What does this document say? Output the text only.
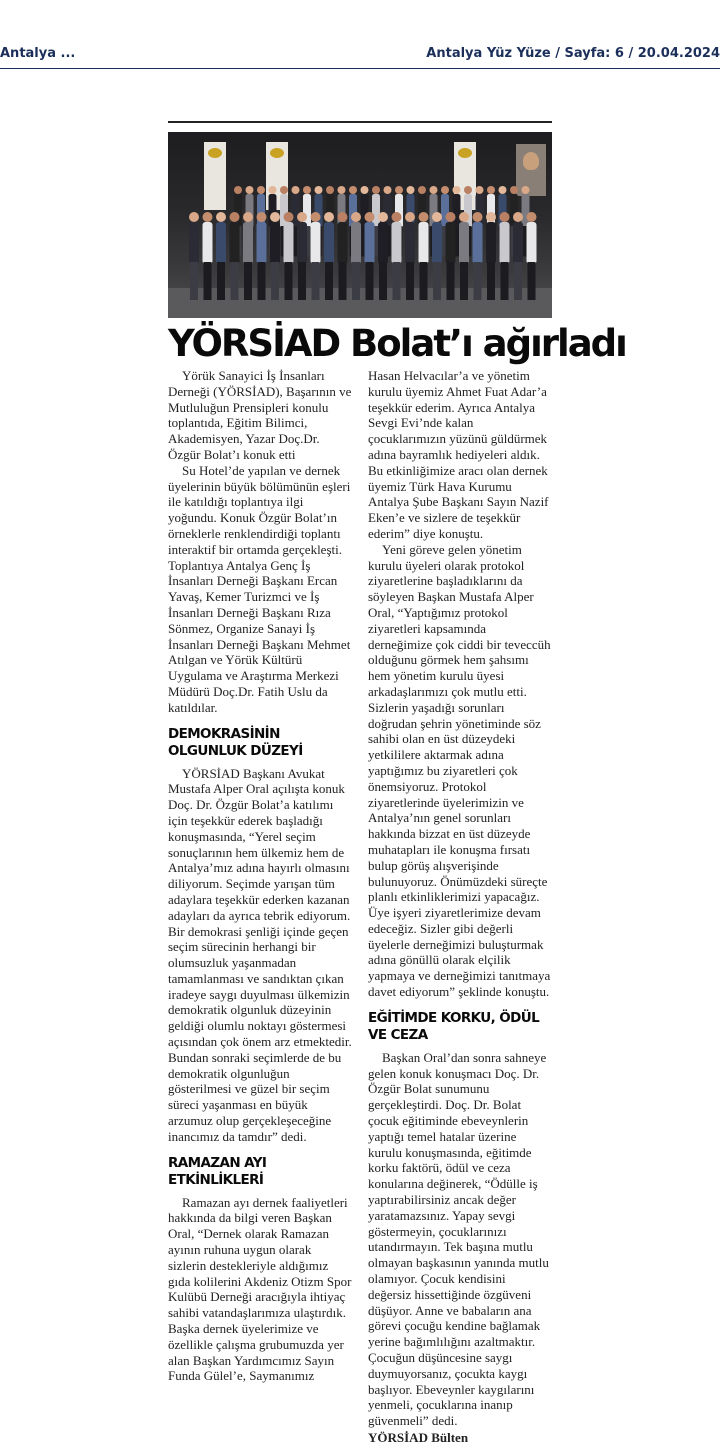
Antalya ...	Antalya Yüz Yüze / Sayfa: 6 / 20.04.2024
YÖRSİAD Bolat’ı ağırladı

Yörük Sanayici İş İnsanları Derneği (YÖRSİAD), Başarının ve Mutluluğun Prensipleri konulu toplantıda, Eğitim Bilimci, Akademisyen, Yazar Doç.Dr. Özgür Bolat’ı konuk etti

Su Hotel’de yapılan ve dernek üyelerinin büyük bölümünün eşleri ile katıldığı toplantıya ilgi yoğundu. Konuk Özgür Bolat’ın örneklerle renklendirdiği toplantı interaktif bir ortamda gerçekleşti. Toplantıya Antalya Genç İş İnsanları Derneği Başkanı Ercan Yavaş, Kemer Turizmci ve İş İnsanları Derneği Başkanı Rıza Sönmez, Organize Sanayi İş İnsanları Derneği Başkanı Mehmet Atılgan ve Yörük Kültürü Uygulama ve Araştırma Merkezi Müdürü Doç.Dr. Fatih Uslu da katıldılar.

DEMOKRASİNİN OLGUNLUK DÜZEYİ

YÖRSİAD Başkanı Avukat Mustafa Alper Oral açılışta konuk Doç. Dr. Özgür Bolat’a katılımı için teşekkür ederek başladığı konuşmasında, “Yerel seçim sonuçlarının hem ülkemiz hem de Antalya’mız adına hayırlı olmasını diliyorum. Seçimde yarışan tüm adaylara teşekkür ederken kazanan adayları da ayrıca tebrik ediyorum. Bir demokrasi şenliği içinde geçen seçim sürecinin herhangi bir olumsuzluk yaşanmadan tamamlanması ve sandıktan çıkan iradeye saygı duyulması ülkemizin demokratik olgunluk düzeyinin geldiği olumlu noktayı göstermesi açısından çok önem arz etmektedir. Bundan sonraki seçimlerde de bu demokratik olgunluğun gösterilmesi ve güzel bir seçim süreci yaşanması en büyük arzumuz olup gerçekleşeceğine inancımız da tamdır” dedi.

RAMAZAN AYI ETKİNLİKLERİ

Ramazan ayı dernek faaliyetleri hakkında da bilgi veren Başkan Oral, “Dernek olarak Ramazan ayının ruhuna uygun olarak sizlerin destekleriyle aldığımız gıda kolilerini Akdeniz Otizm Spor Kulübü Derneği aracığıyla ihtiyaç sahibi vatandaşlarımıza ulaştırdık. Başka dernek üyelerimize ve özellikle çalışma grubumuzda yer alan Başkan Yardımcımız Sayın Funda Gülel’e, Saymanımız

Hasan Helvacılar’a ve yönetim kurulu üyemiz Ahmet Fuat Adar’a teşekkür ederim. Ayrıca Antalya Sevgi Evi’nde kalan çocuklarımızın yüzünü güldürmek adına bayramlık hediyeleri aldık. Bu etkinliğimize aracı olan dernek üyemiz Türk Hava Kurumu Antalya Şube Başkanı Sayın Nazif Eken’e ve sizlere de teşekkür ederim” diye konuştu.

Yeni göreve gelen yönetim kurulu üyeleri olarak protokol ziyaretlerine başladıklarını da söyleyen Başkan Mustafa Alper Oral, “Yaptığımız protokol ziyaretleri kapsamında derneğimize çok ciddi bir teveccüh olduğunu görmek hem şahsımı hem yönetim kurulu üyesi arkadaşlarımızı çok mutlu etti. Sizlerin yaşadığı sorunları doğrudan şehrin yönetiminde söz sahibi olan en üst düzeydeki yetkililere aktarmak adına yaptığımız bu ziyaretleri çok önemsiyoruz. Protokol ziyaretlerinde üyelerimizin ve Antalya’nın genel sorunları hakkında bizzat en üst düzeyde muhatapları ile konuşma fırsatı bulup görüş alışverişinde bulunuyoruz. Önümüzdeki süreçte planlı etkinliklerimizi yapacağız. Üye işyeri ziyaretlerimize devam edeceğiz. Sizler gibi değerli üyelerle derneğimizi buluşturmak adına gönüllü olarak elçilik yapmaya ve derneğimizi tanıtmaya davet ediyorum” şeklinde konuştu.

EĞİTİMDE KORKU, ÖDÜL VE CEZA

Başkan Oral’dan sonra sahneye gelen konuk konuşmacı Doç. Dr. Özgür Bolat sunumunu gerçekleştirdi. Doç. Dr. Bolat çocuk eğitiminde ebeveynlerin yaptığı temel hatalar üzerine kurulu konuşmasında, eğitimde korku faktörü, ödül ve ceza konularına değinerek, “Ödülle iş yaptırabilirsiniz ancak değer yaratamazsınız. Yapay sevgi göstermeyin, çocuklarınızı utandırmayın. Tek başına mutlu olmayan başkasının yanında mutlu olamıyor. Çocuk kendisini değersiz hissettiğinde özgüveni düşüyor. Anne ve babaların ana görevi çocuğu kendine bağlamak yerine bağımlılığını azaltmaktır. Çocuğun düşüncesine saygı duymuyorsanız, çocukta kaygı başlıyor. Ebeveynler kaygılarını yenmeli, çocuklarına inanıp güvenmeli” dedi.

YÖRSİAD Bülten
